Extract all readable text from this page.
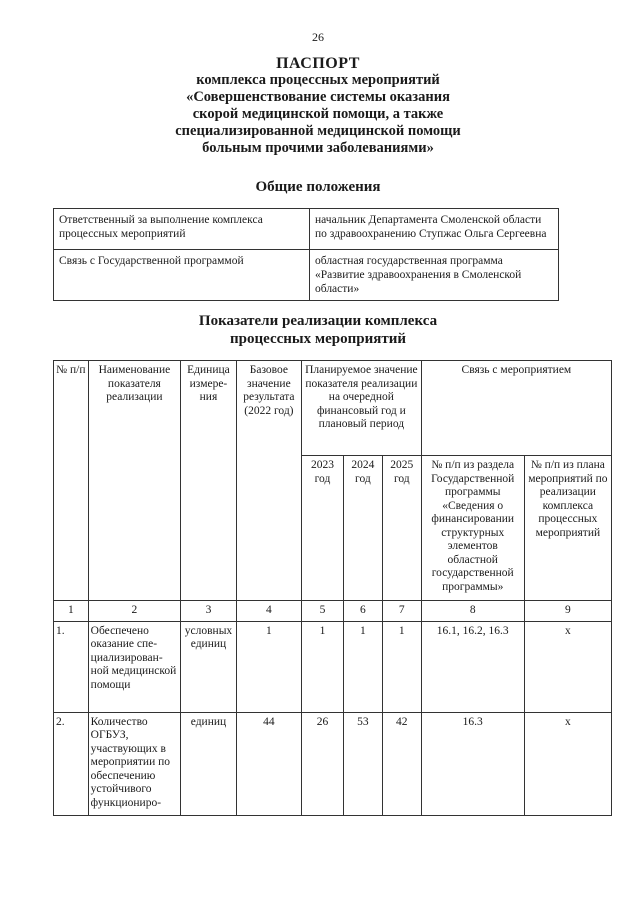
26
ПАСПОРТ
комплекса процессных мероприятий
«Совершенствование системы оказания
скорой медицинской помощи, а также
специализированной медицинской помощи
больным прочими заболеваниями»
Общие положения
Ответственный за выполнение комплекса процессных мероприятий	начальник Департамента Смоленской области по здравоохранению Ступжас Ольга Сергеевна
Связь с Государственной программой	областная государственная программа «Развитие здравоохранения в Смоленской области»
Показатели реализации комплекса
процессных мероприятий
№ п/п	Наименование показателя реализации	Единица измере-ния	Базовое значение результата (2022 год)	Планируемое значение показателя реализации на очередной финансовый год и плановый период			Связь с мероприятием	
				2023 год	2024 год	2025 год	№ п/п из раздела Государственной программы «Сведения о финансировании структурных элементов областной государственной программы»	№ п/п из плана мероприятий по реализации комплекса процессных мероприятий
1	2	3	4	5	6	7	8	9
1.	Обеспечено оказание спе-циализирован-ной медицинской помощи	условных единиц	1	1	1	1	16.1, 16.2, 16.3	x
2.	Количество ОГБУЗ, участвующих в мероприятии по обеспечению устойчивого функциониро-	единиц	44	26	53	42	16.3	x
